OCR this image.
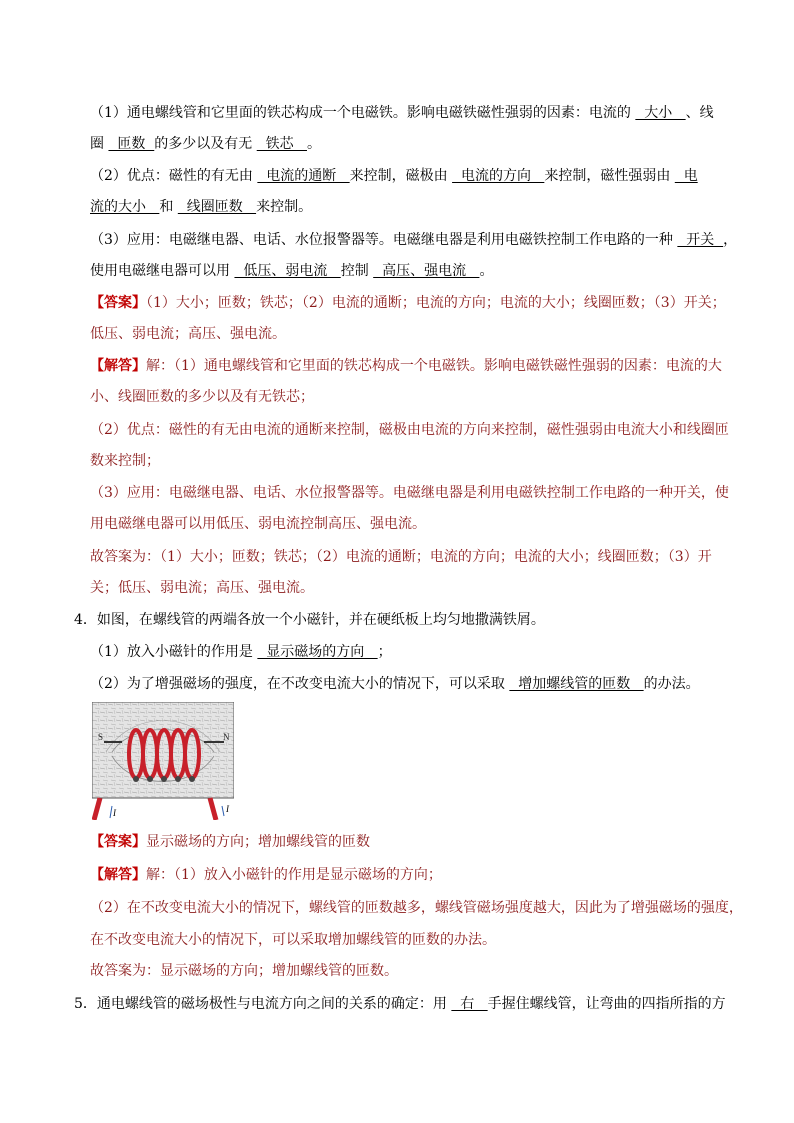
（1）通电螺线管和它里面的铁芯构成一个电磁铁。影响电磁铁磁性强弱的因素：电流的   大小   、线
圈   匝数  的多少以及有无   铁芯   。
（2）优点：磁性的有无由   电流的通断   来控制，磁极由   电流的方向   来控制，磁性强弱由   电
流的大小   和   线圈匝数   来控制。
（3）应用：电磁继电器、电话、水位报警器等。电磁继电器是利用电磁铁控制工作电路的一种   开关  ，
使用电磁继电器可以用   低压、弱电流   控制   高压、强电流   。
【答案】（1）大小；匝数；铁芯；（2）电流的通断；电流的方向；电流的大小；线圈匝数；（3）开关；
低压、弱电流；高压、强电流。
【解答】解：（1）通电螺线管和它里面的铁芯构成一个电磁铁。影响电磁铁磁性强弱的因素：电流的大
小、线圈匝数的多少以及有无铁芯；
（2）优点：磁性的有无由电流的通断来控制，磁极由电流的方向来控制，磁性强弱由电流大小和线圈匝
数来控制；
（3）应用：电磁继电器、电话、水位报警器等。电磁继电器是利用电磁铁控制工作电路的一种开关，使
用电磁继电器可以用低压、弱电流控制高压、强电流。
故答案为：（1）大小；匝数；铁芯；（2）电流的通断；电流的方向；电流的大小；线圈匝数；（3）开
关；低压、弱电流；高压、强电流。
4．如图，在螺线管的两端各放一个小磁针，并在硬纸板上均匀地撒满铁屑。
（1）放入小磁针的作用是   显示磁场的方向   ；
（2）为了增强磁场的强度，在不改变电流大小的情况下，可以采取   增加螺线管的匝数   的办法。
S	N
I	I
【答案】显示磁场的方向；增加螺线管的匝数
【解答】解：（1）放入小磁针的作用是显示磁场的方向；
（2）在不改变电流大小的情况下，螺线管的匝数越多，螺线管磁场强度越大，因此为了增强磁场的强度，
在不改变电流大小的情况下，可以采取增加螺线管的匝数的办法。
故答案为：显示磁场的方向；增加螺线管的匝数。
5．通电螺线管的磁场极性与电流方向之间的关系的确定：用   右   手握住螺线管，让弯曲的四指所指的方
